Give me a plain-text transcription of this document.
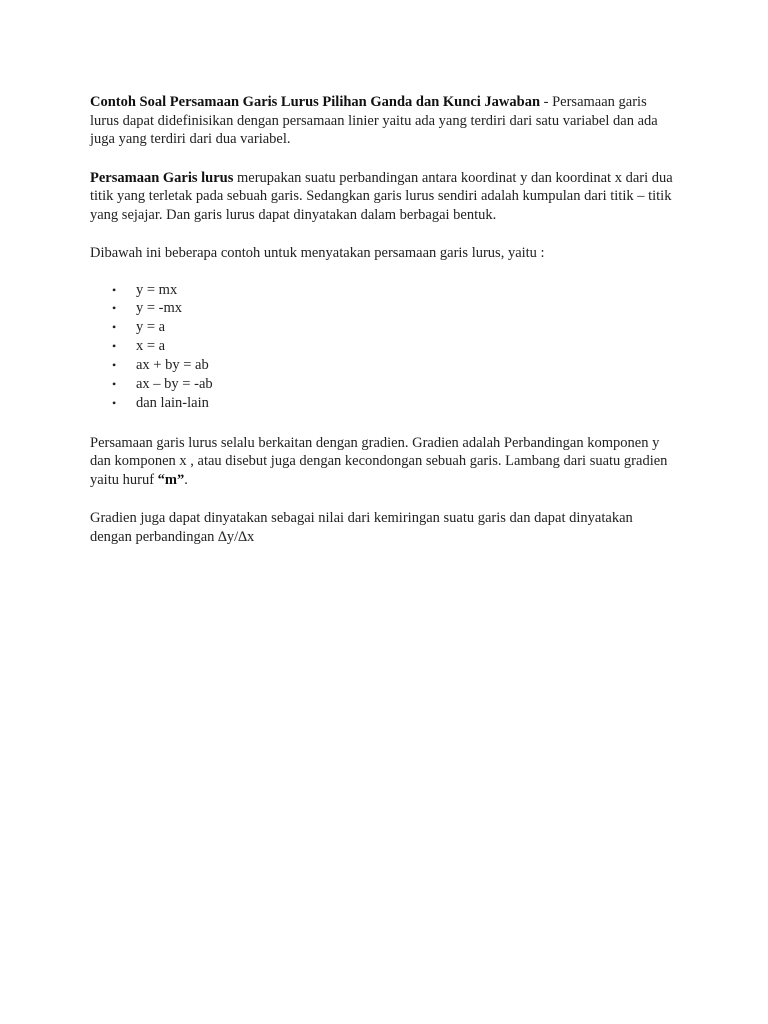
Contoh Soal Persamaan Garis Lurus Pilihan Ganda dan Kunci Jawaban - Persamaan garis lurus dapat didefinisikan dengan persamaan linier yaitu ada yang terdiri dari satu variabel dan ada juga yang terdiri dari dua variabel.

Persamaan Garis lurus merupakan suatu perbandingan antara koordinat y dan koordinat x dari dua titik yang terletak pada sebuah garis. Sedangkan garis lurus sendiri adalah kumpulan dari titik – titik yang sejajar. Dan garis lurus dapat dinyatakan dalam berbagai bentuk.

Dibawah ini beberapa contoh untuk menyatakan persamaan garis lurus, yaitu :

• y = mx
• y = -mx
• y = a
• x = a
• ax + by = ab
• ax – by = -ab
• dan lain-lain

Persamaan garis lurus selalu berkaitan dengan gradien. Gradien adalah Perbandingan komponen y dan komponen x , atau disebut juga dengan kecondongan sebuah garis. Lambang dari suatu gradien yaitu huruf “m”.

Gradien juga dapat dinyatakan sebagai nilai dari kemiringan suatu garis dan dapat dinyatakan dengan perbandingan ∆y/∆x
